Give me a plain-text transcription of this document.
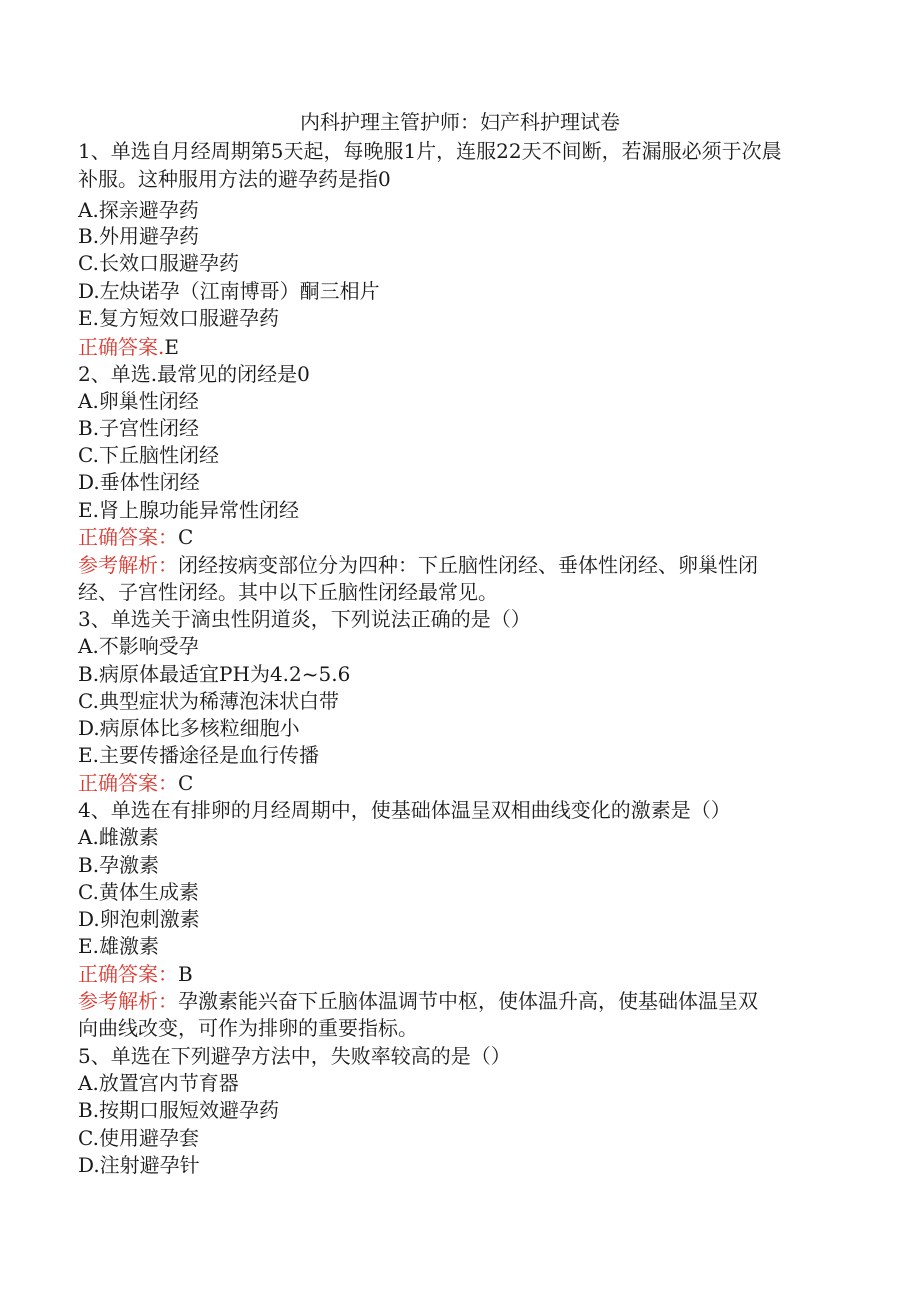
内科护理主管护师：妇产科护理试卷
1、单选自月经周期第5天起，每晚服1片，连服22天不间断，若漏服必须于次晨
补服。这种服用方法的避孕药是指0
A.探亲避孕药
B.外用避孕药
C.长效口服避孕药
D.左炔诺孕（江南博哥）酮三相片
E.复方短效口服避孕药
正确答案.E
2、单选.最常见的闭经是0
A.卵巢性闭经
B.子宫性闭经
C.下丘脑性闭经
D.垂体性闭经
E.肾上腺功能异常性闭经
正确答案：C
参考解析：闭经按病变部位分为四种：下丘脑性闭经、垂体性闭经、卵巢性闭
经、子宫性闭经。其中以下丘脑性闭经最常见。
3、单选关于滴虫性阴道炎，下列说法正确的是（）
A.不影响受孕
B.病原体最适宜PH为4.2~5.6
C.典型症状为稀薄泡沫状白带
D.病原体比多核粒细胞小
E.主要传播途径是血行传播
正确答案：C
4、单选在有排卵的月经周期中，使基础体温呈双相曲线变化的激素是（）
A.雌激素
B.孕激素
C.黄体生成素
D.卵泡刺激素
E.雄激素
正确答案：B
参考解析：孕激素能兴奋下丘脑体温调节中枢，使体温升高，使基础体温呈双
向曲线改变，可作为排卵的重要指标。
5、单选在下列避孕方法中，失败率较高的是（）
A.放置宫内节育器
B.按期口服短效避孕药
C.使用避孕套
D.注射避孕针
